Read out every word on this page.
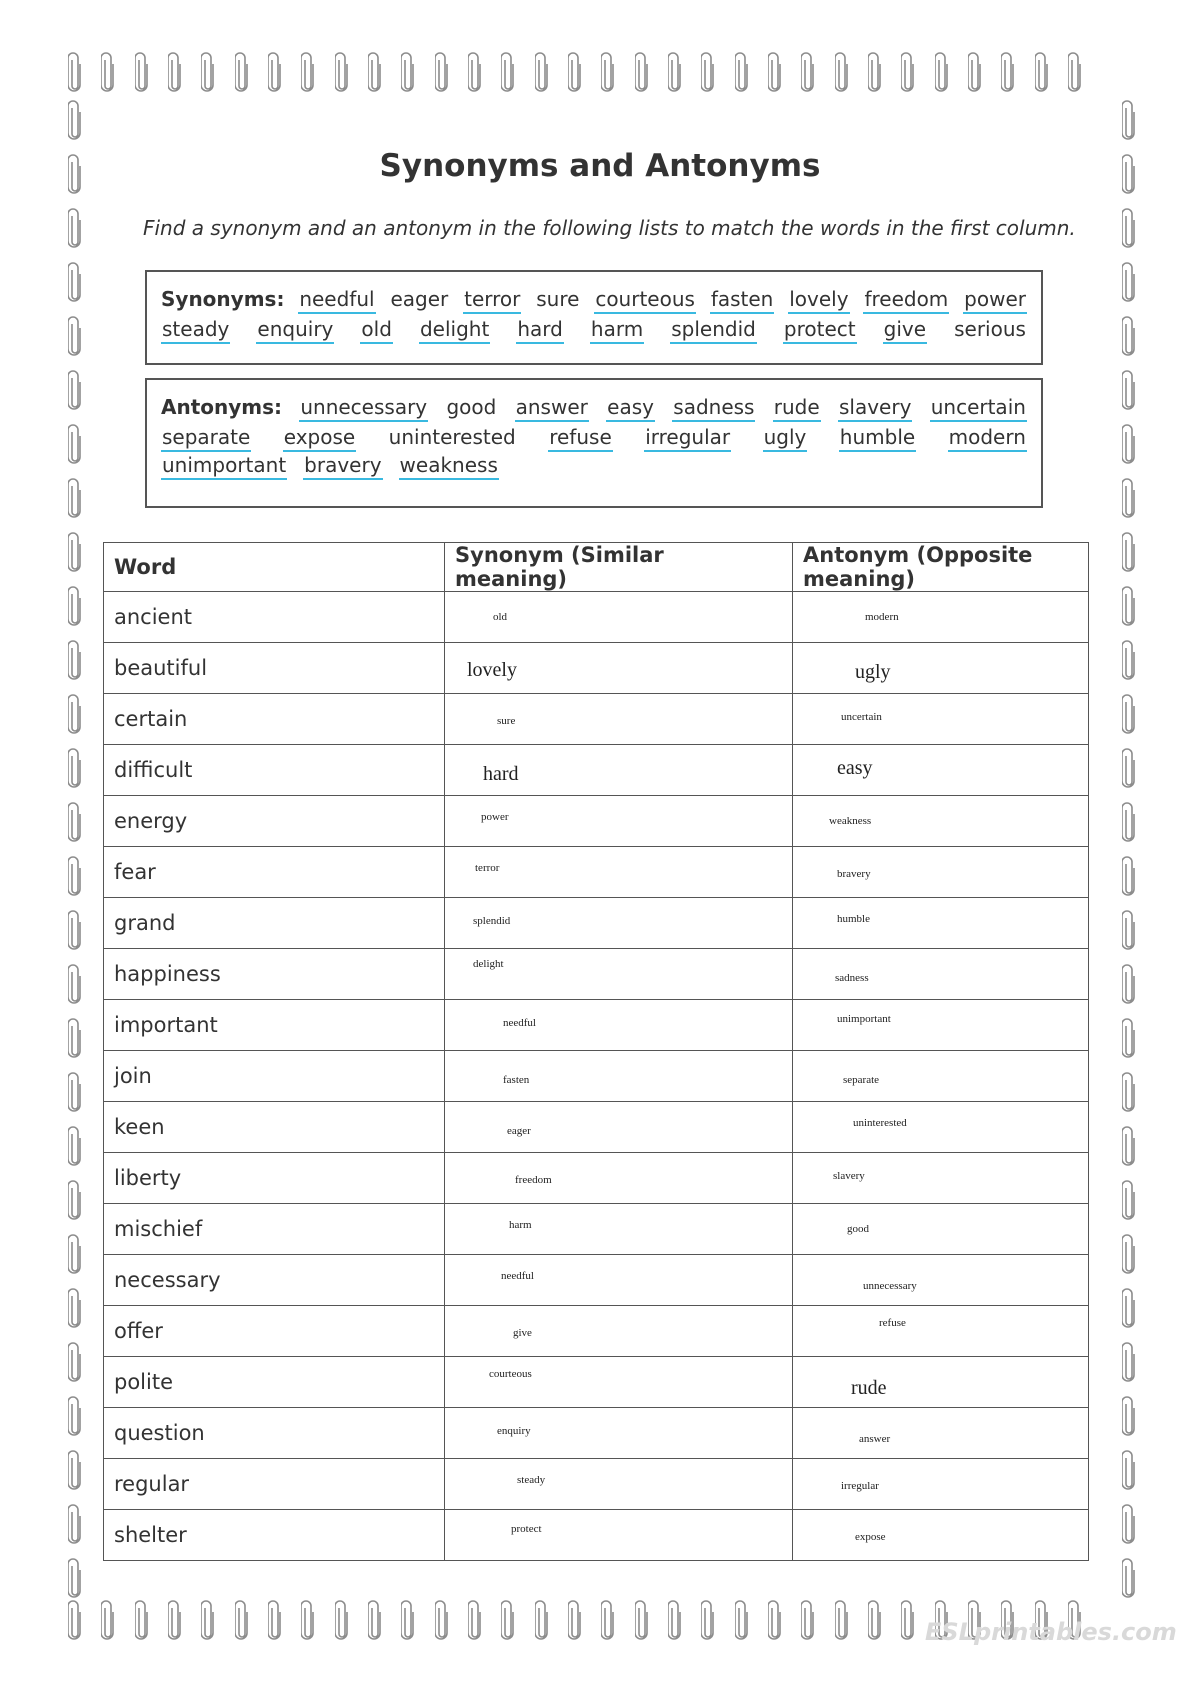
Synonyms and Antonyms
Find a synonym and an antonym in the following lists to match the words in the first column.
Synonyms: needful eager terror sure courteous fasten lovely freedom power
steady enquiry old delight hard harm splendid protect give serious
Antonyms: unnecessary good answer easy sadness rude slavery uncertain
separate expose uninterested refuse irregular ugly humble modern
unimportant bravery weakness
Word	Synonym (Similar meaning)	Antonym (Opposite meaning)
ancient	old	modern

beautiful	lovely	ugly

certain	sure	uncertain

difficult	hard	easy

energy	power	weakness

fear	terror	bravery

grand	splendid	humble

happiness	delight	sadness

important	needful	unimportant

join	fasten	separate

keen	eager	uninterested

liberty	freedom	slavery

mischief	harm	good

necessary	needful	unnecessary

offer	give	refuse

polite	courteous	rude

question	enquiry	answer

regular	steady	irregular

shelter	protect	expose
ESLprintables.com
